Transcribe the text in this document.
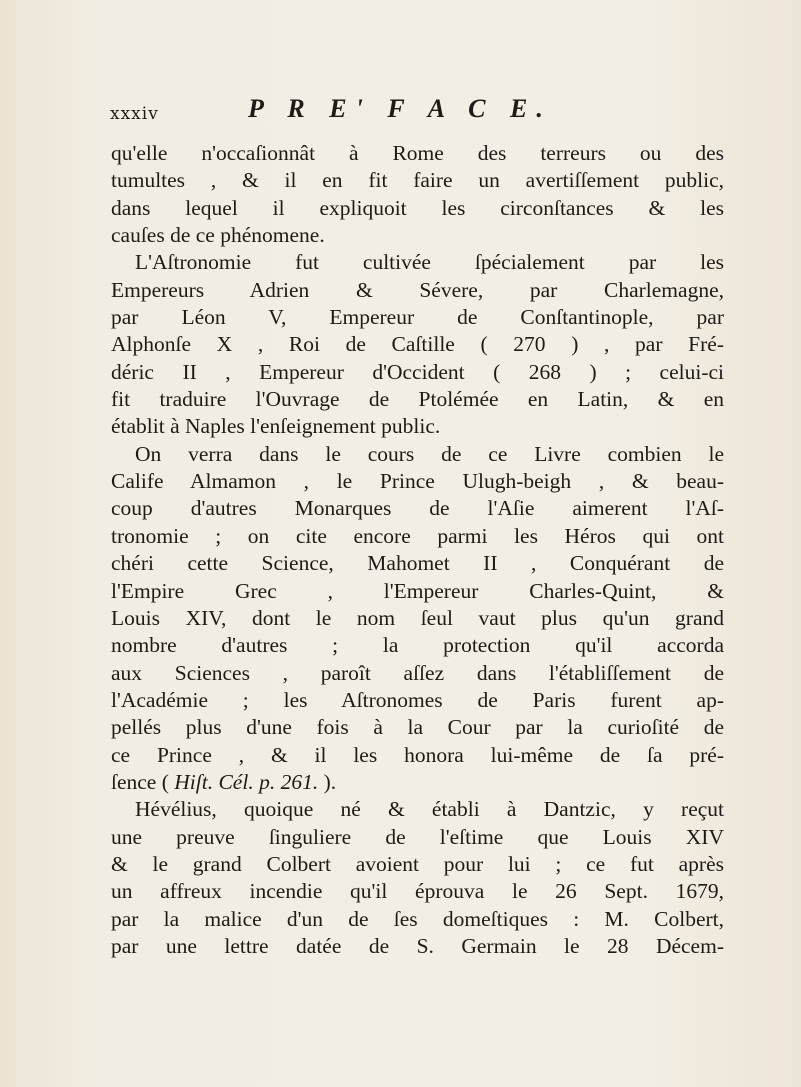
xxxiv	P R E' F A C E.
qu'elle n'occaſionnât à Rome des terreurs ou des
tumultes , & il en fit faire un avertiſſement public,
dans lequel il expliquoit les circonſtances & les
cauſes de ce phénomene.
L'Aſtronomie fut cultivée ſpécialement par les
Empereurs Adrien & Sévere, par Charlemagne,
par Léon V, Empereur de Conſtantinople, par
Alphonſe X , Roi de Caſtille ( 270 ) , par Fré-
déric II , Empereur d'Occident ( 268 ) ; celui-ci
fit traduire l'Ouvrage de Ptolémée en Latin, & en
établit à Naples l'enſeignement public.
On verra dans le cours de ce Livre combien le
Calife Almamon , le Prince Ulugh-beigh , & beau-
coup d'autres Monarques de l'Aſie aimerent l'Aſ-
tronomie ; on cite encore parmi les Héros qui ont
chéri cette Science, Mahomet II , Conquérant de
l'Empire Grec , l'Empereur Charles-Quint, &
Louis XIV, dont le nom ſeul vaut plus qu'un grand
nombre d'autres ; la protection qu'il accorda
aux Sciences , paroît aſſez dans l'établiſſement de
l'Académie ; les Aſtronomes de Paris furent ap-
pellés plus d'une fois à la Cour par la curioſité de
ce Prince , & il les honora lui-même de ſa pré-
ſence ( Hiſt. Cél. p. 261. ).
Hévélius, quoique né & établi à Dantzic, y reçut
une preuve ſinguliere de l'eſtime que Louis XIV
& le grand Colbert avoient pour lui ; ce fut après
un affreux incendie qu'il éprouva le 26 Sept. 1679,
par la malice d'un de ſes domeſtiques : M. Colbert,
par une lettre datée de S. Germain le 28 Décem-
